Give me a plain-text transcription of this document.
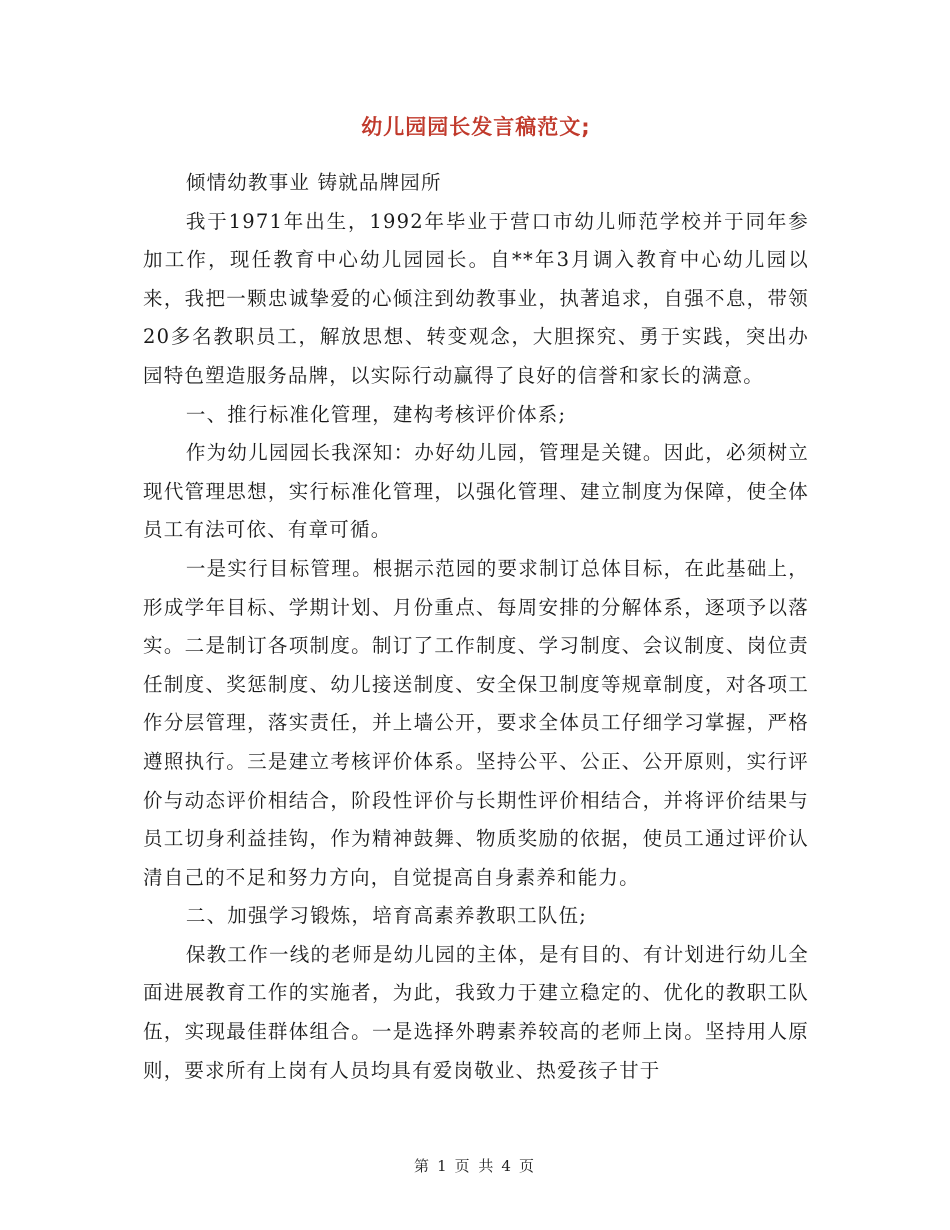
幼儿园园长发言稿范文;

倾情幼教事业 铸就品牌园所

我于1971年出生，1992年毕业于营口市幼儿师范学校并于同年参加工作，现任教育中心幼儿园园长。自**年3月调入教育中心幼儿园以来，我把一颗忠诚挚爱的心倾注到幼教事业，执著追求，自强不息，带领 20多名教职员工，解放思想、转变观念，大胆探究、勇于实践，突出办园特色塑造服务品牌，以实际行动赢得了良好的信誉和家长的满意。

一、推行标准化管理，建构考核评价体系;

作为幼儿园园长我深知：办好幼儿园，管理是关键。因此，必须树立现代管理思想，实行标准化管理，以强化管理、建立制度为保障，使全体员工有法可依、有章可循。

一是实行目标管理。根据示范园的要求制订总体目标，在此基础上，形成学年目标、学期计划、月份重点、每周安排的分解体系，逐项予以落实。二是制订各项制度。制订了工作制度、学习制度、会议制度、岗位责任制度、奖惩制度、幼儿接送制度、安全保卫制度等规章制度，对各项工作分层管理，落实责任，并上墙公开，要求全体员工仔细学习掌握，严格遵照执行。三是建立考核评价体系。坚持公平、公正、公开原则，实行评价与动态评价相结合，阶段性评价与长期性评价相结合，并将评价结果与员工切身利益挂钩，作为精神鼓舞、物质奖励的依据，使员工通过评价认清自己的不足和努力方向，自觉提高自身素养和能力。

二、加强学习锻炼，培育高素养教职工队伍;

保教工作一线的老师是幼儿园的主体，是有目的、有计划进行幼儿全面进展教育工作的实施者，为此，我致力于建立稳定的、优化的教职工队伍，实现最佳群体组合。一是选择外聘素养较高的老师上岗。坚持用人原则，要求所有上岗有人员均具有爱岗敬业、热爱孩子甘于

第 1 页 共 4 页
